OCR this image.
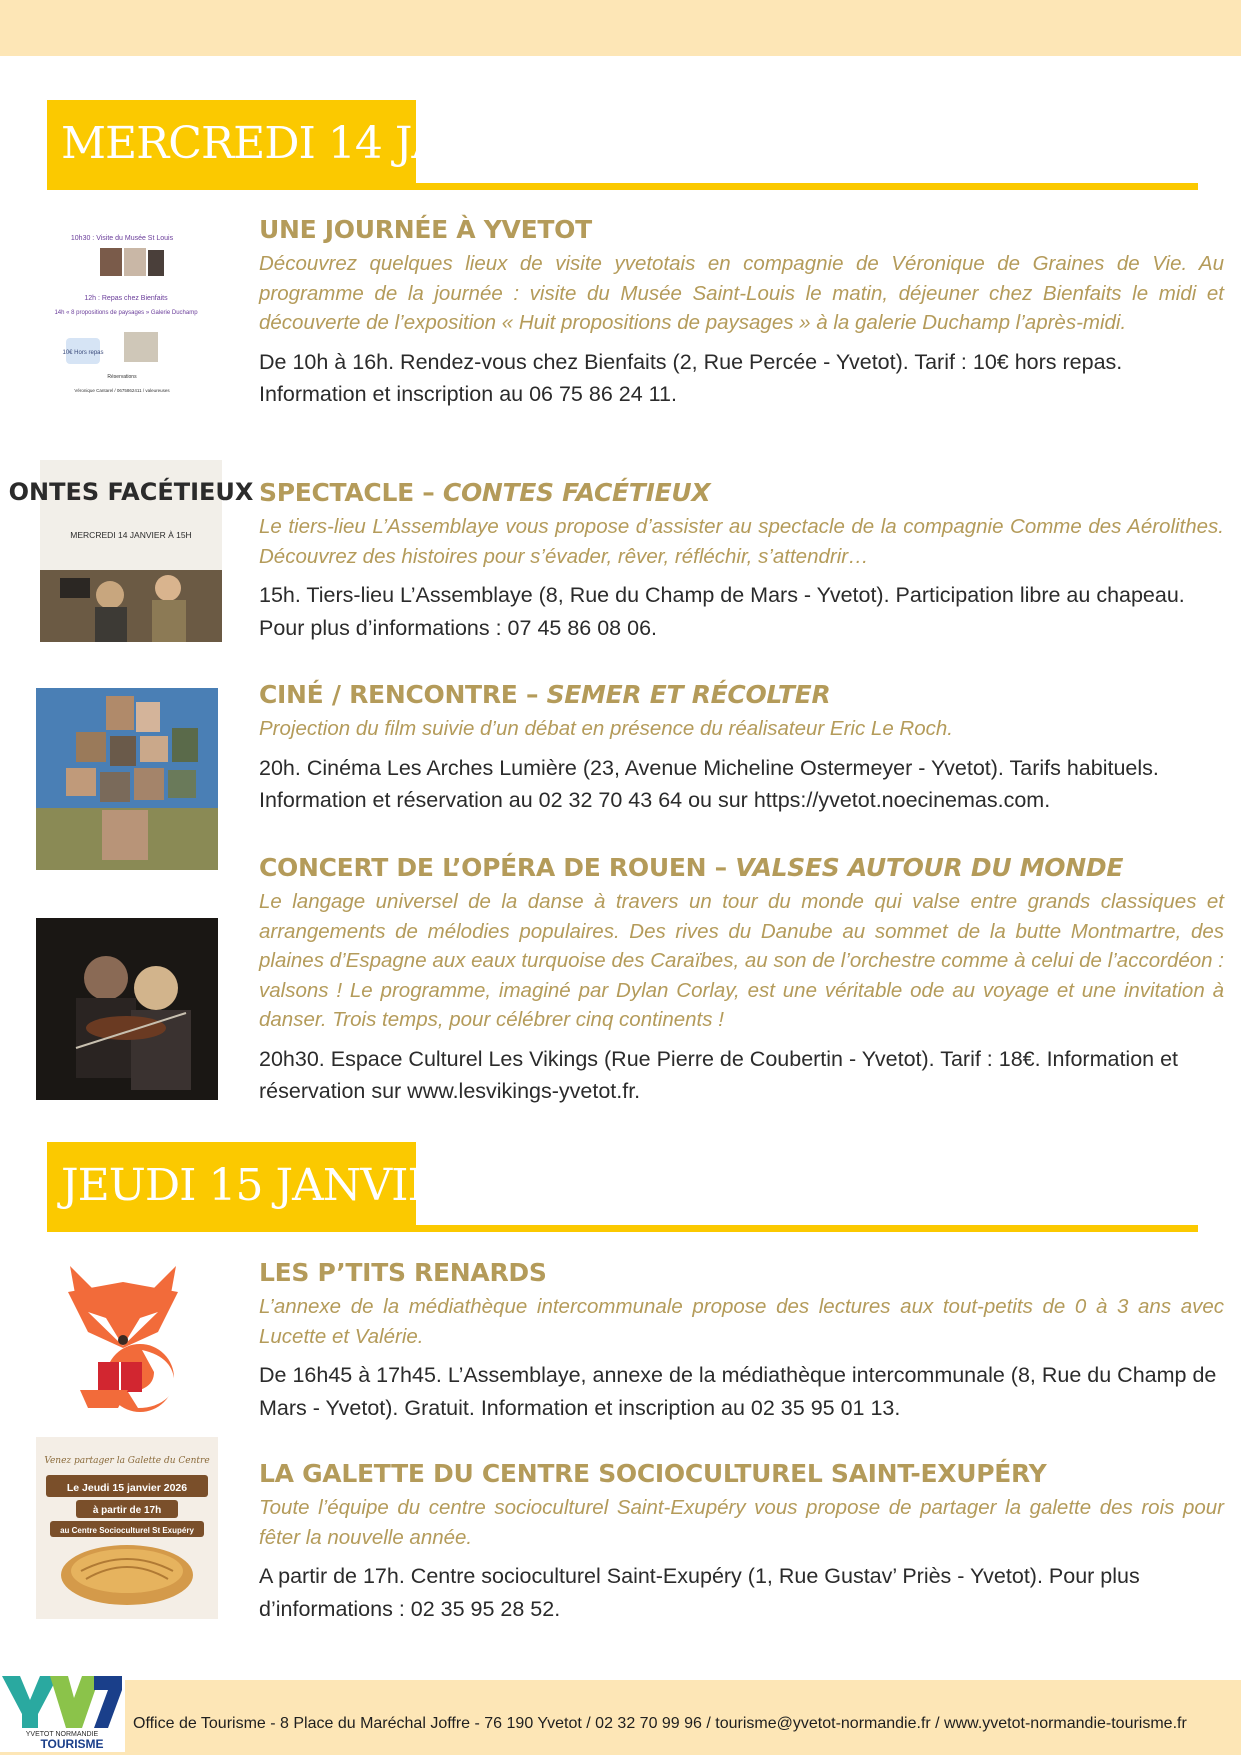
MERCREDI 14 JANVIER
10h30 : Visite du Musée St Louis
12h : Repas chez Bienfaits
14h « 8 propositions de paysages » Galerie Duchamp
10€ Hors repas
Réservations
Véronique Cantarel / 0675862411 / valeureuses
UNE JOURNÉE À YVETOT
Découvrez quelques lieux de visite yvetotais en compagnie de Véronique de Graines de Vie. Au programme de la journée : visite du Musée Saint-Louis le matin, déjeuner chez Bienfaits le midi et découverte de l’exposition « Huit propositions de paysages » à la galerie Duchamp l’après-midi.
De 10h à 16h. Rendez-vous chez Bienfaits (2, Rue Percée - Yvetot). Tarif : 10€ hors repas. Information et inscription au 06 75 86 24 11.
ONTES FACÉTIEUX
MERCREDI 14 JANVIER À 15H
SPECTACLE – CONTES FACÉTIEUX
Le tiers-lieu L’Assemblaye vous propose d’assister au spectacle de la compagnie Comme des Aérolithes. Découvrez des histoires pour s’évader, rêver, réfléchir, s’attendrir…
15h. Tiers-lieu L’Assemblaye (8, Rue du Champ de Mars - Yvetot). Participation libre au chapeau. Pour plus d’informations : 07 45 86 08 06.
CINÉ / RENCONTRE – SEMER ET RÉCOLTER
Projection du film suivie d’un débat en présence du réalisateur Eric Le Roch.
20h. Cinéma Les Arches Lumière (23, Avenue Micheline Ostermeyer - Yvetot). Tarifs habituels. Information et réservation au 02 32 70 43 64 ou sur https://yvetot.noecinemas.com.
CONCERT DE L’OPÉRA DE ROUEN – VALSES AUTOUR DU MONDE
Le langage universel de la danse à travers un tour du monde qui valse entre grands classiques et arrangements de mélodies populaires. Des rives du Danube au sommet de la butte Montmartre, des plaines d’Espagne aux eaux turquoise des Caraïbes, au son de l’orchestre comme à celui de l’accordéon : valsons ! Le programme, imaginé par Dylan Corlay, est une véritable ode au voyage et une invitation à danser. Trois temps, pour célébrer cinq continents !
20h30. Espace Culturel Les Vikings (Rue Pierre de Coubertin - Yvetot). Tarif : 18€. Information et réservation sur www.lesvikings-yvetot.fr.
JEUDI 15 JANVIER
LES P’TITS RENARDS
L’annexe de la médiathèque intercommunale propose des lectures aux tout-petits de 0 à 3 ans avec Lucette et Valérie.
De 16h45 à 17h45. L’Assemblaye, annexe de la médiathèque intercommunale (8, Rue du Champ de Mars - Yvetot). Gratuit. Information et inscription au 02 35 95 01 13.
Venez partager la Galette du Centre
Le Jeudi 15 janvier 2026
à partir de 17h
au Centre Socioculturel St Exupéry
LA GALETTE DU CENTRE SOCIOCULTUREL SAINT-EXUPÉRY
Toute l’équipe du centre socioculturel Saint-Exupéry vous propose de partager la galette des rois pour fêter la nouvelle année.
A partir de 17h. Centre socioculturel Saint-Exupéry (1, Rue Gustav’ Priès - Yvetot). Pour plus d’informations : 02 35 95 28 52.
YVETOT NORMANDIE
TOURISME
Office de Tourisme - 8 Place du Maréchal Joffre - 76 190 Yvetot / 02 32 70 99 96 / tourisme@yvetot-normandie.fr / www.yvetot-normandie-tourisme.fr
